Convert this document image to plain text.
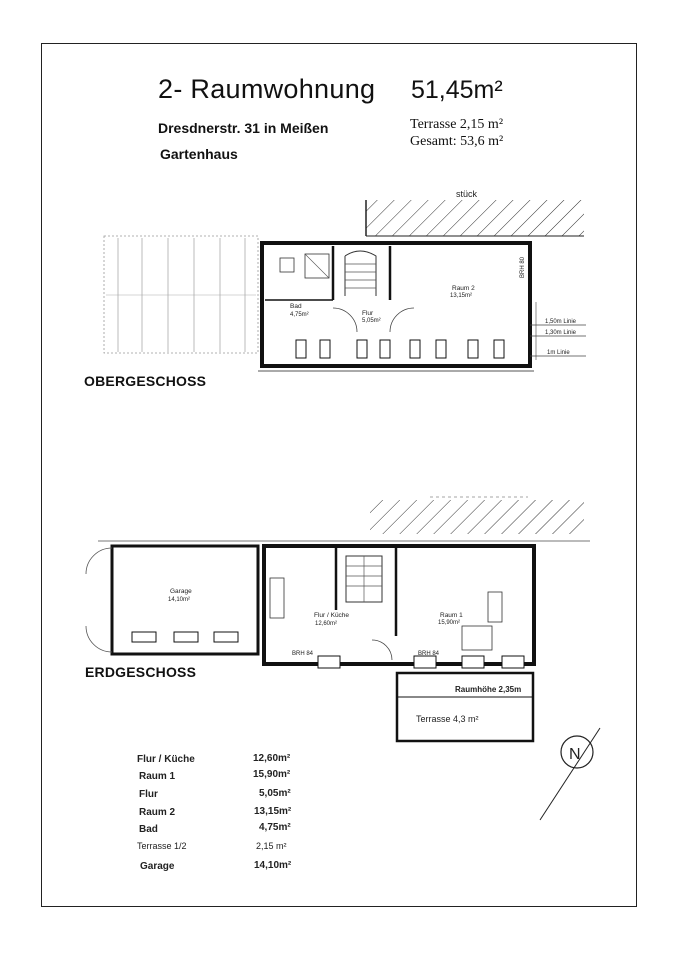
2- Raumwohnung 51,45m²
Dresdnerstr. 31 in Meißen
Gartenhaus
Terrasse 2,15 m²
Gesamt: 53,6 m²
OBERGESCHOSS
ERDGESCHOSS
stück
Bad
4,75m²	Flur
5,05m²
Raum 2
13,15m²
BRH 80
1,50m Linie
1,30m Linie
1m Linie
N
Garage
14,10m²
Flur / Küche
12,60m²
Raum 1
15,90m²
BRH 84	BRH 84
Raumhöhe 2,35m
Terrasse 4,3 m²
Flur / Küche	12,60m²
Raum 1	15,90m²
Flur	5,05m²
Raum 2	13,15m²
Bad	4,75m²
Terrasse 1/2	2,15 m²
Garage	14,10m²
